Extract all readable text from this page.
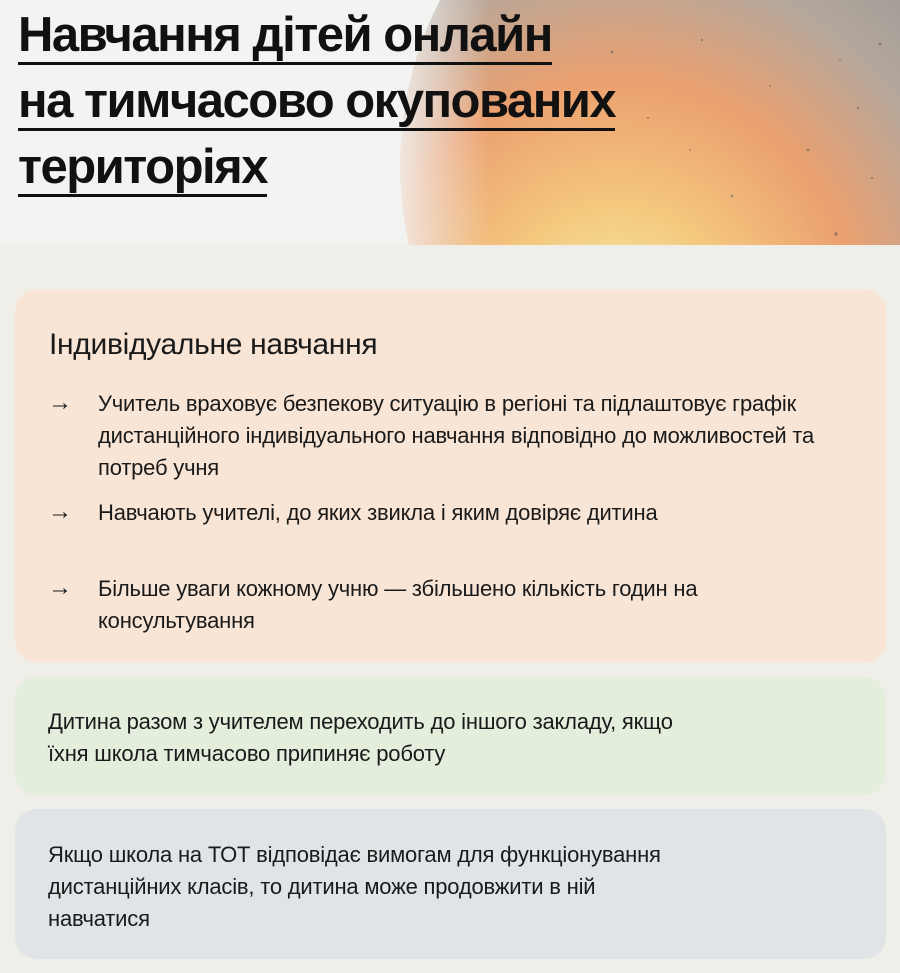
Навчання дітей онлайн
на тимчасово окупованих
територіях
Індивідуальне навчання
→ Учитель враховує безпекову ситуацію в регіоні та підлаштовує графік дистанційного індивідуального навчання відповідно до можливостей та потреб учня
→ Навчають учителі, до яких звикла і яким довіряє дитина
→ Більше уваги кожному учню — збільшено кількість годин на консультування

Дитина разом з учителем переходить до іншого закладу, якщо їхня школа тимчасово припиняє роботу

Якщо школа на ТОТ відповідає вимогам для функціонування дистанційних класів, то дитина може продовжити в ній навчатися
